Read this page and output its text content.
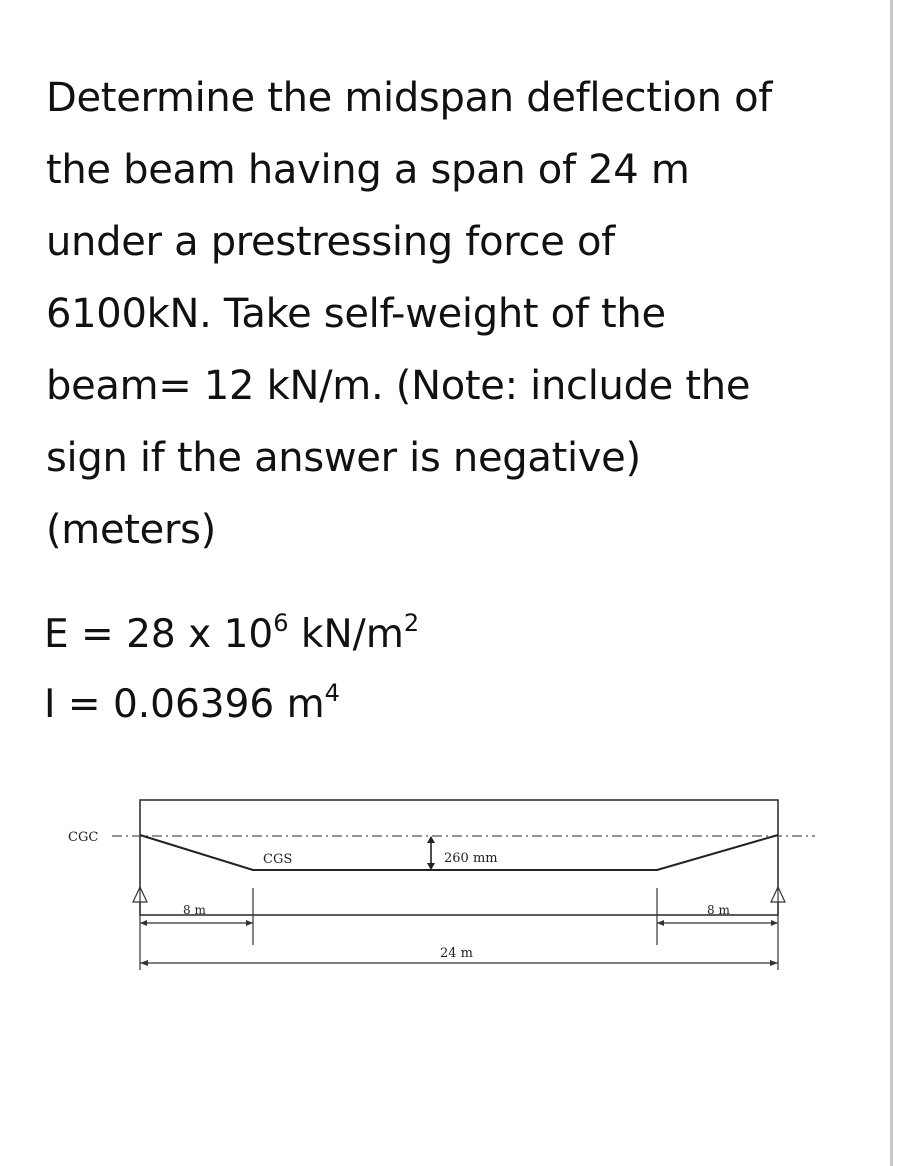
Determine the midspan deflection of
the beam having a span of 24 m
under a prestressing force of
6100kN. Take self-weight of the
beam= 12 kN/m. (Note: include the
sign if the answer is negative)
(meters)
E = 28 x $10^6$ $kN/m^2$
I = 0.06396 $m^4$
CGC
CGS	260 mm
8 m	8 m
24 m
